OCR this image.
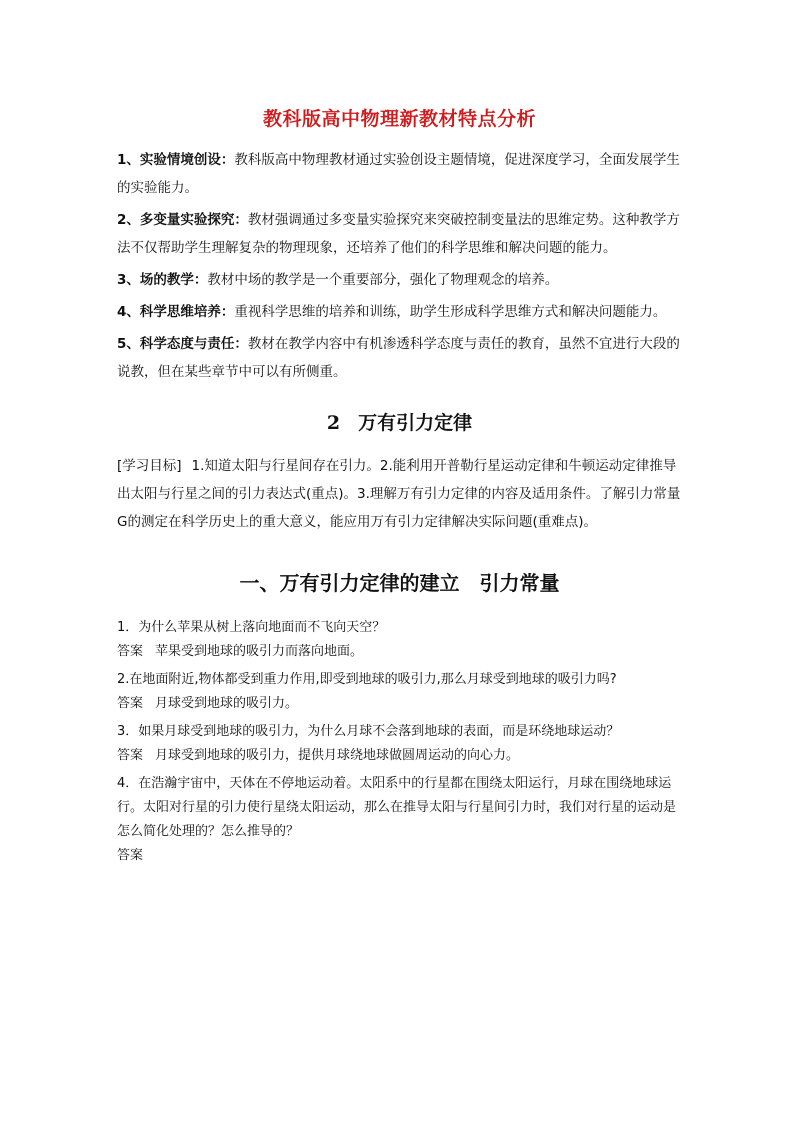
教科版高中物理新教材特点分析

1、实验情境创设：教科版高中物理教材通过实验创设主题情境，促进深度学习，全面发展学生的实验能力。

2、多变量实验探究：教材强调通过多变量实验探究来突破控制变量法的思维定势。这种教学方法不仅帮助学生理解复杂的物理现象，还培养了他们的科学思维和解决问题的能力。

3、场的教学：教材中场的教学是一个重要部分，强化了物理观念的培养。

4、科学思维培养：重视科学思维的培养和训练，助学生形成科学思维方式和解决问题能力。

5、科学态度与责任：教材在教学内容中有机渗透科学态度与责任的教育，虽然不宜进行大段的说教，但在某些章节中可以有所侧重。

2 万有引力定律

[学习目标] 1.知道太阳与行星间存在引力。2.能利用开普勒行星运动定律和牛顿运动定律推导出太阳与行星之间的引力表达式(重点)。3.理解万有引力定律的内容及适用条件。了解引力常量G的测定在科学历史上的重大意义，能应用万有引力定律解决实际问题(重难点)。

一、万有引力定律的建立　引力常量

1．为什么苹果从树上落向地面而不飞向天空？

答案 苹果受到地球的吸引力而落向地面。

2.在地面附近,物体都受到重力作用,即受到地球的吸引力,那么月球受到地球的吸引力吗?

答案 月球受到地球的吸引力。

3．如果月球受到地球的吸引力，为什么月球不会落到地球的表面，而是环绕地球运动？

答案 月球受到地球的吸引力，提供月球绕地球做圆周运动的向心力。

4．在浩瀚宇宙中，天体在不停地运动着。太阳系中的行星都在围绕太阳运行，月球在围绕地球运行。太阳对行星的引力使行星绕太阳运动，那么在推导太阳与行星间引力时，我们对行星的运动是怎么简化处理的？怎么推导的？

答案
